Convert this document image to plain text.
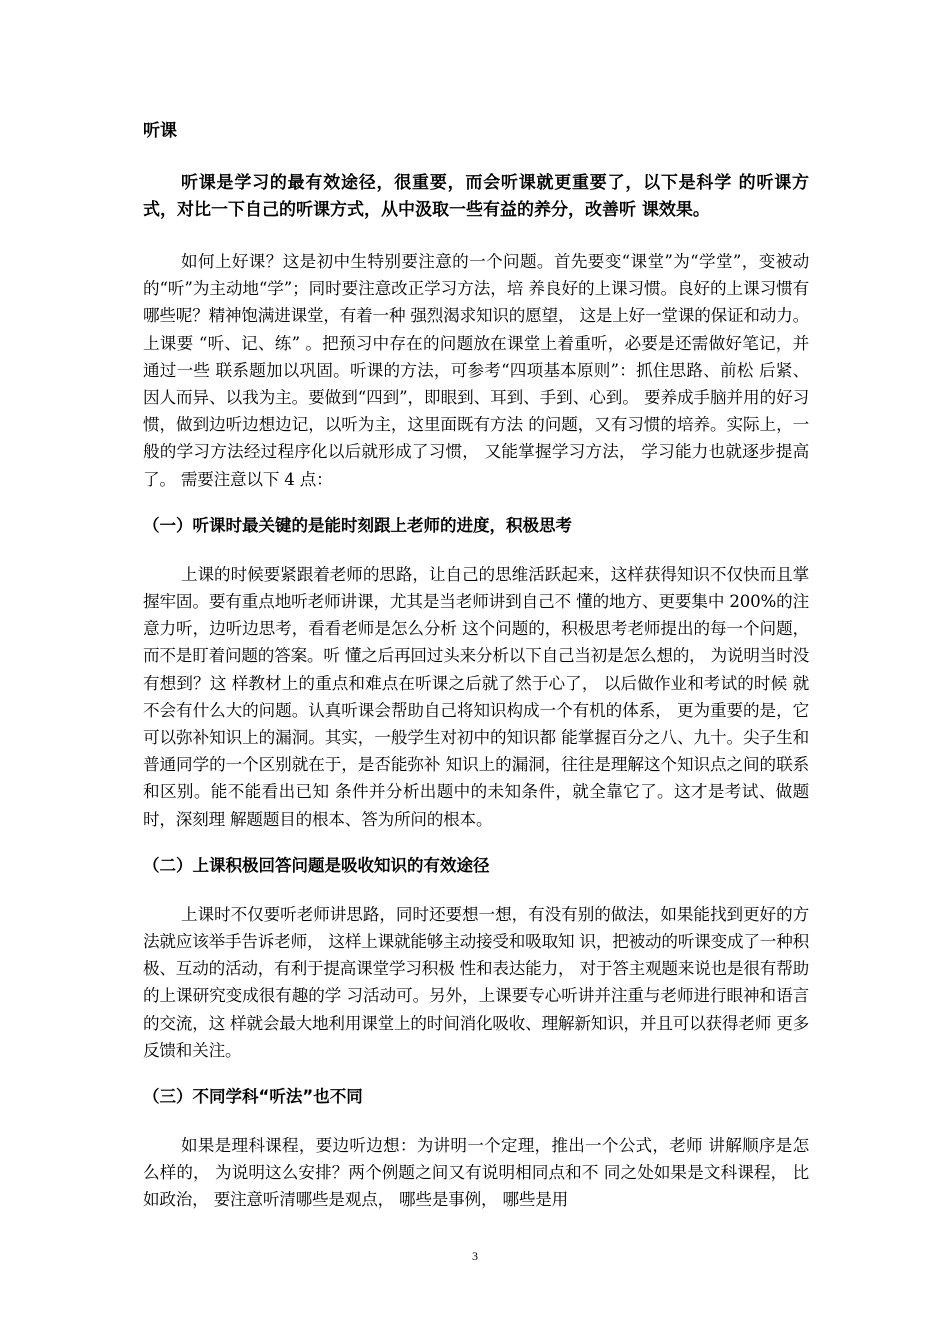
听课

听课是学习的最有效途径，很重要，而会听课就更重要了，以下是科学 的听课方式，对比一下自己的听课方式，从中汲取一些有益的养分，改善听 课效果。

如何上好课？这是初中生特别要注意的一个问题。首先要变“课堂”为“学堂”，变被动的“听”为主动地“学”；同时要注意改正学习方法，培 养良好的上课习惯。良好的上课习惯有哪些呢？精神饱满进课堂，有着一种 强烈渴求知识的愿望， 这是上好一堂课的保证和动力。上课要 “听、记、练” 。把预习中存在的问题放在课堂上着重听，必要是还需做好笔记，并通过一些 联系题加以巩固。听课的方法，可参考“四项基本原则”：抓住思路、前松 后紧、 因人而异、以我为主。要做到“四到”，即眼到、耳到、手到、心到。 要养成手脑并用的好习惯，做到边听边想边记，以听为主，这里面既有方法 的问题，又有习惯的培养。实际上，一般的学习方法经过程序化以后就形成了习惯， 又能掌握学习方法， 学习能力也就逐步提高了。 需要注意以下 4 点：

（一）听课时最关键的是能时刻跟上老师的进度，积极思考

上课的时候要紧跟着老师的思路，让自己的思维活跃起来，这样获得知识不仅快而且掌握牢固。要有重点地听老师讲课，尤其是当老师讲到自己不 懂的地方、更要集中 200%的注意力听，边听边思考，看看老师是怎么分析 这个问题的，积极思考老师提出的每一个问题，而不是盯着问题的答案。听 懂之后再回过头来分析以下自己当初是怎么想的， 为说明当时没有想到？这 样教材上的重点和难点在听课之后就了然于心了， 以后做作业和考试的时候 就不会有什么大的问题。认真听课会帮助自己将知识构成一个有机的体系， 更为重要的是，它可以弥补知识上的漏洞。其实，一般学生对初中的知识都 能掌握百分之八、九十。尖子生和普通同学的一个区别就在于，是否能弥补 知识上的漏洞，往往是理解这个知识点之间的联系和区别。能不能看出已知 条件并分析出题中的未知条件，就全靠它了。这才是考试、做题时，深刻理 解题题目的根本、答为所问的根本。

（二）上课积极回答问题是吸收知识的有效途径

上课时不仅要听老师讲思路，同时还要想一想，有没有别的做法，如果能找到更好的方法就应该举手告诉老师， 这样上课就能够主动接受和吸取知 识，把被动的听课变成了一种积极、互动的活动，有利于提高课堂学习积极 性和表达能力， 对于答主观题来说也是很有帮助的上课研究变成很有趣的学 习活动可。另外，上课要专心听讲并注重与老师进行眼神和语言的交流，这 样就会最大地利用课堂上的时间消化吸收、理解新知识，并且可以获得老师 更多反馈和关注。

（三）不同学科“听法”也不同

如果是理科课程，要边听边想：为讲明一个定理，推出一个公式，老师 讲解顺序是怎么样的， 为说明这么安排？两个例题之间又有说明相同点和不 同之处如果是文科课程， 比如政治， 要注意听清哪些是观点， 哪些是事例， 哪些是用

3
